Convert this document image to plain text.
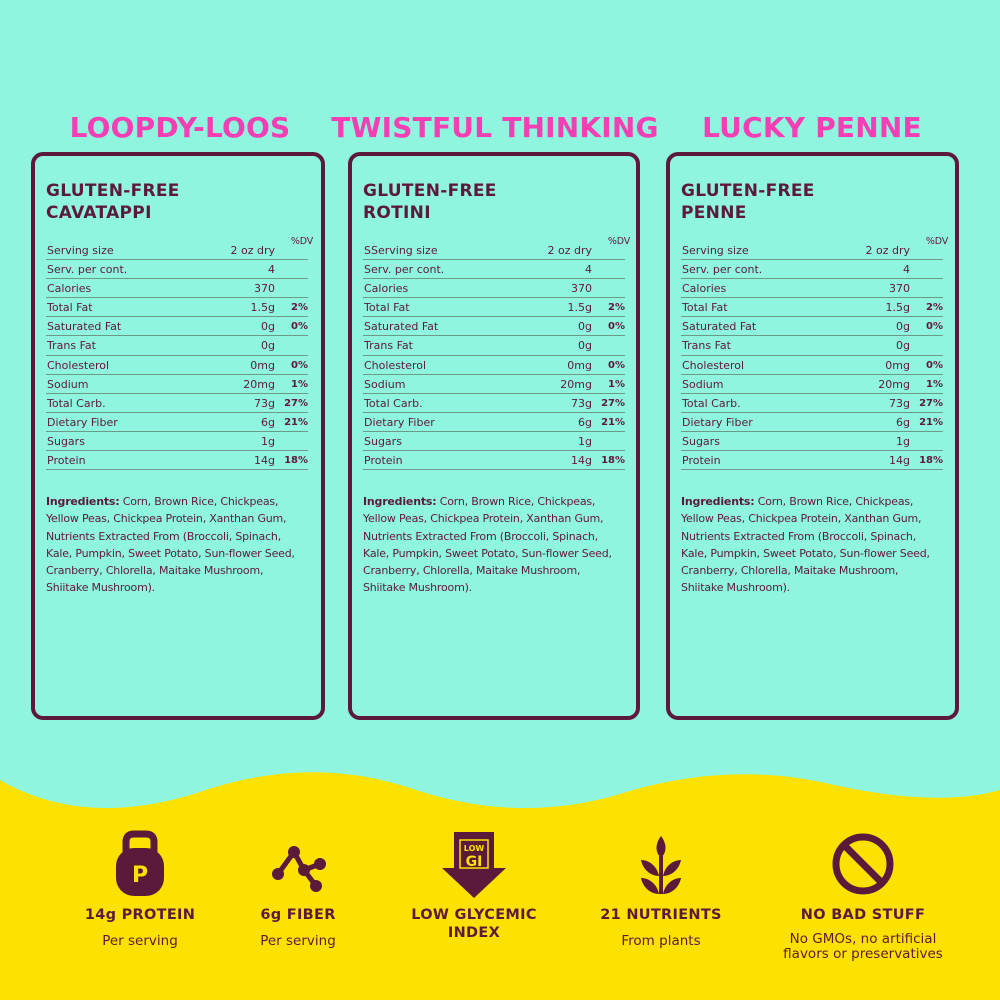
LOOPDY-LOOS	TWISTFUL THINKING	LUCKY PENNE
GLUTEN-FREE
CAVATAPPI
%DV
Serving size	2 oz dry
Serv. per cont.	4
Calories	370
Total Fat	1.5g 2%
Saturated Fat	0g 0%
Trans Fat	0g
Cholesterol	0mg 0%
Sodium	20mg 1%
Total Carb.	73g 27%
Dietary Fiber	6g 21%
Sugars	1g
Protein	14g 18%
Ingredients: Corn, Brown Rice, Chickpeas, Yellow Peas, Chickpea Protein, Xanthan Gum, Nutrients Extracted From (Broccoli, Spinach, Kale, Pumpkin, Sweet Potato, Sun-flower Seed, Cranberry, Chlorella, Maitake Mushroom, Shiitake Mushroom).
GLUTEN-FREE
ROTINI
%DV
SServing size	2 oz dry
Serv. per cont.	4
Calories	370
Total Fat	1.5g 2%
Saturated Fat	0g 0%
Trans Fat	0g
Cholesterol	0mg 0%
Sodium	20mg 1%
Total Carb.	73g 27%
Dietary Fiber	6g 21%
Sugars	1g
Protein	14g 18%
Ingredients: Corn, Brown Rice, Chickpeas, Yellow Peas, Chickpea Protein, Xanthan Gum, Nutrients Extracted From (Broccoli, Spinach, Kale, Pumpkin, Sweet Potato, Sun-flower Seed, Cranberry, Chlorella, Maitake Mushroom, Shiitake Mushroom).
GLUTEN-FREE
PENNE
%DV
Serving size	2 oz dry
Serv. per cont.	4
Calories	370
Total Fat	1.5g 2%
Saturated Fat	0g 0%
Trans Fat	0g
Cholesterol	0mg 0%
Sodium	20mg 1%
Total Carb.	73g 27%
Dietary Fiber	6g 21%
Sugars	1g
Protein	14g 18%
Ingredients: Corn, Brown Rice, Chickpeas, Yellow Peas, Chickpea Protein, Xanthan Gum, Nutrients Extracted From (Broccoli, Spinach, Kale, Pumpkin, Sweet Potato, Sun-flower Seed, Cranberry, Chlorella, Maitake Mushroom, Shiitake Mushroom).
P
14g PROTEIN
Per serving
6g FIBER
Per serving
LOW
GI
LOW GLYCEMIC INDEX
21 NUTRIENTS
From plants
NO BAD STUFF
No GMOs, no artificial flavors or preservatives
